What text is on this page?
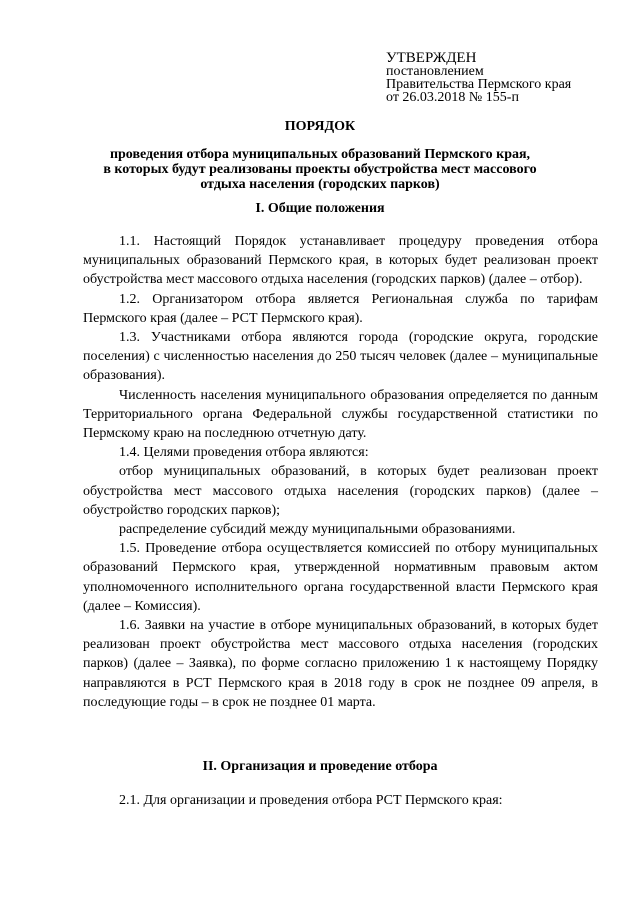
УТВЕРЖДЕН
постановлением
Правительства Пермского края
от 26.03.2018 № 155-п
ПОРЯДОК
проведения отбора муниципальных образований Пермского края,
в которых будут реализованы проекты обустройства мест массового
отдыха населения (городских парков)
I. Общие положения

1.1. Настоящий Порядок устанавливает процедуру проведения отбора муниципальных образований Пермского края, в которых будет реализован проект обустройства мест массового отдыха населения (городских парков) (далее – отбор).

1.2. Организатором отбора является Региональная служба по тарифам Пермского края (далее – РСТ Пермского края).

1.3. Участниками отбора являются города (городские округа, городские поселения) с численностью населения до 250 тысяч человек (далее – муниципальные образования).

Численность населения муниципального образования определяется по данным Территориального органа Федеральной службы государственной статистики по Пермскому краю на последнюю отчетную дату.

1.4. Целями проведения отбора являются:

отбор муниципальных образований, в которых будет реализован проект обустройства мест массового отдыха населения (городских парков) (далее – обустройство городских парков);

распределение субсидий между муниципальными образованиями.

1.5. Проведение отбора осуществляется комиссией по отбору муниципальных образований Пермского края, утвержденной нормативным правовым актом уполномоченного исполнительного органа государственной власти Пермского края (далее – Комиссия).

1.6. Заявки на участие в отборе муниципальных образований, в которых будет реализован проект обустройства мест массового отдыха населения (городских парков) (далее – Заявка), по форме согласно приложению 1 к настоящему Порядку направляются в РСТ Пермского края в 2018 году в срок не позднее 09 апреля, в последующие годы – в срок не позднее 01 марта.

II. Организация и проведение отбора
2.1. Для организации и проведения отбора РСТ Пермского края:
